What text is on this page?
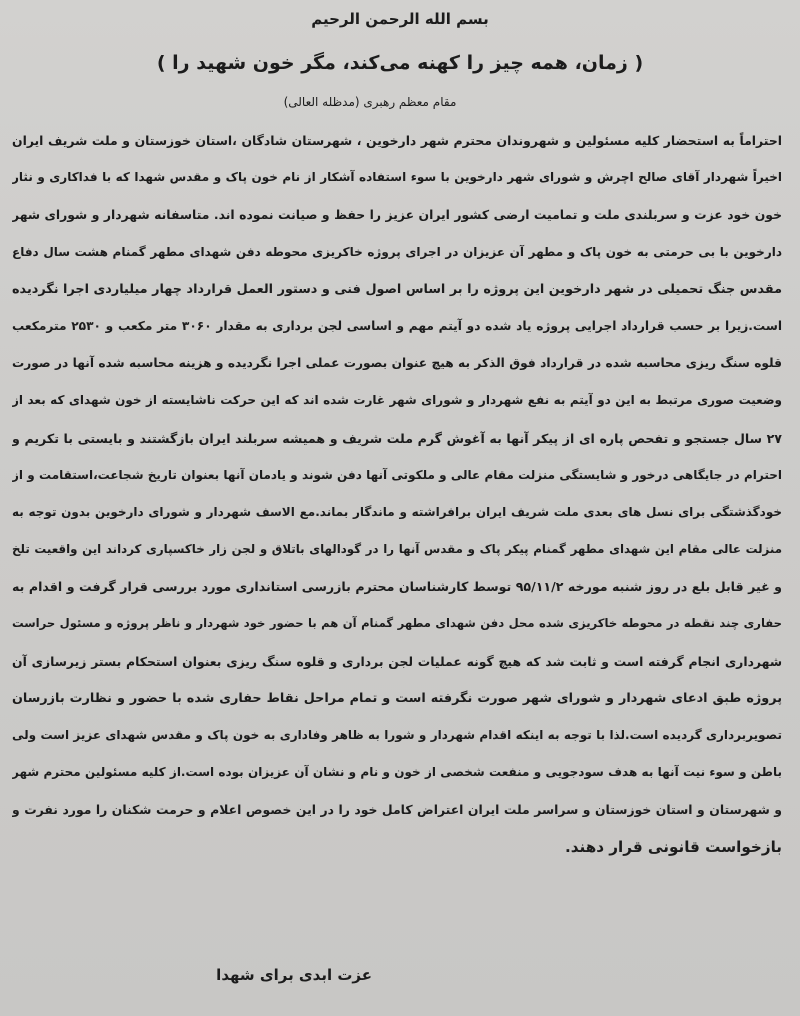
بسم الله الرحمن الرحيم
( زمان، همه چیز را کهنه می‌کند، مگر خون شهید را )
مقام معظم رهبری (مدظله العالی)
احتراماً به استحضار کلیه مسئولین و شهروندان محترم شهر دارخوین ، شهرستان شادگان ،استان خوزستان و ملت شریف ایران
اخیراً شهردار آقای صالح اچرش و شورای شهر دارخوین با سوء استفاده آشکار از نام خون پاک و مقدس شهدا که با فداکاری و نثار
خون خود عزت و سربلندی ملت و تمامیت ارضی کشور ایران عزیز را حفظ و صیانت نموده اند. متاسفانه شهردار و شورای شهر
دارخوین با بی حرمتی به خون پاک و مطهر آن عزیزان در اجرای پروژه خاکریزی محوطه دفن شهدای مطهر گمنام هشت سال دفاع
مقدس جنگ تحمیلی در شهر دارخوین این پروژه را بر اساس اصول فنی و دستور العمل قرارداد چهار میلیاردی اجرا نگردیده
است.زیرا بر حسب قرارداد اجرایی پروژه یاد شده دو آیتم مهم و اساسی لجن برداری به مقدار ۳۰۶۰ متر مکعب و ۲۵۳۰ مترمکعب
قلوه سنگ ریزی محاسبه شده در قرارداد فوق الذکر به هیچ عنوان بصورت عملی اجرا نگردیده و هزینه محاسبه شده آنها در صورت
وضعیت صوری مرتبط به این دو آیتم به نفع شهردار و شورای شهر غارت شده اند که این حرکت ناشایسته از خون شهدای که بعد از
۲۷ سال جستجو و تفحص پاره ای از پیکر آنها به آغوش گرم ملت شریف و همیشه سربلند ایران بازگشتند و بایستی با تکریم و
احترام در جایگاهی درخور و شایستگی منزلت مقام عالی و ملکوتی آنها دفن شوند و یادمان آنها بعنوان تاریخ شجاعت،استقامت و از
خودگذشتگی برای نسل های بعدی ملت شریف ایران برافراشته و ماندگار بماند.مع الاسف شهردار و شورای دارخوین بدون توجه به
منزلت عالی مقام این شهدای مطهر گمنام پیکر پاک و مقدس آنها را در گودالهای باتلاق و لجن زار خاکسپاری کرداند این واقعیت تلخ
و غیر قابل بلع در روز شنبه مورخه ۹۵/۱۱/۲ توسط کارشناسان محترم بازرسی استانداری مورد بررسی قرار گرفت و اقدام به
حفاری چند نقطه در محوطه خاکریزی شده محل دفن شهدای مطهر گمنام آن هم با حضور خود شهردار و ناظر پروژه و مسئول حراست
شهرداری انجام گرفته است و ثابت شد که هیچ گونه عملیات لجن برداری و قلوه سنگ ریزی بعنوان استحکام بستر زیرسازی آن
پروژه طبق ادعای شهردار و شورای شهر صورت نگرفته است و تمام مراحل نقاط حفاری شده با حضور و نظارت بازرسان
تصویربرداری گردیده است.لذا با توجه به اینکه اقدام شهردار و شورا به ظاهر وفاداری به خون پاک و مقدس شهدای عزیز است ولی
باطن و سوء نیت آنها به هدف سودجویی و منفعت شخصی از خون و نام و نشان آن عزیزان بوده است.از کلیه مسئولین محترم شهر
و شهرستان و استان خوزستان و سراسر ملت ایران اعتراض کامل خود را در این خصوص اعلام و حرمت شکنان را مورد نفرت و
بازخواست قانونی قرار دهند.
عزت ابدی برای شهدا
